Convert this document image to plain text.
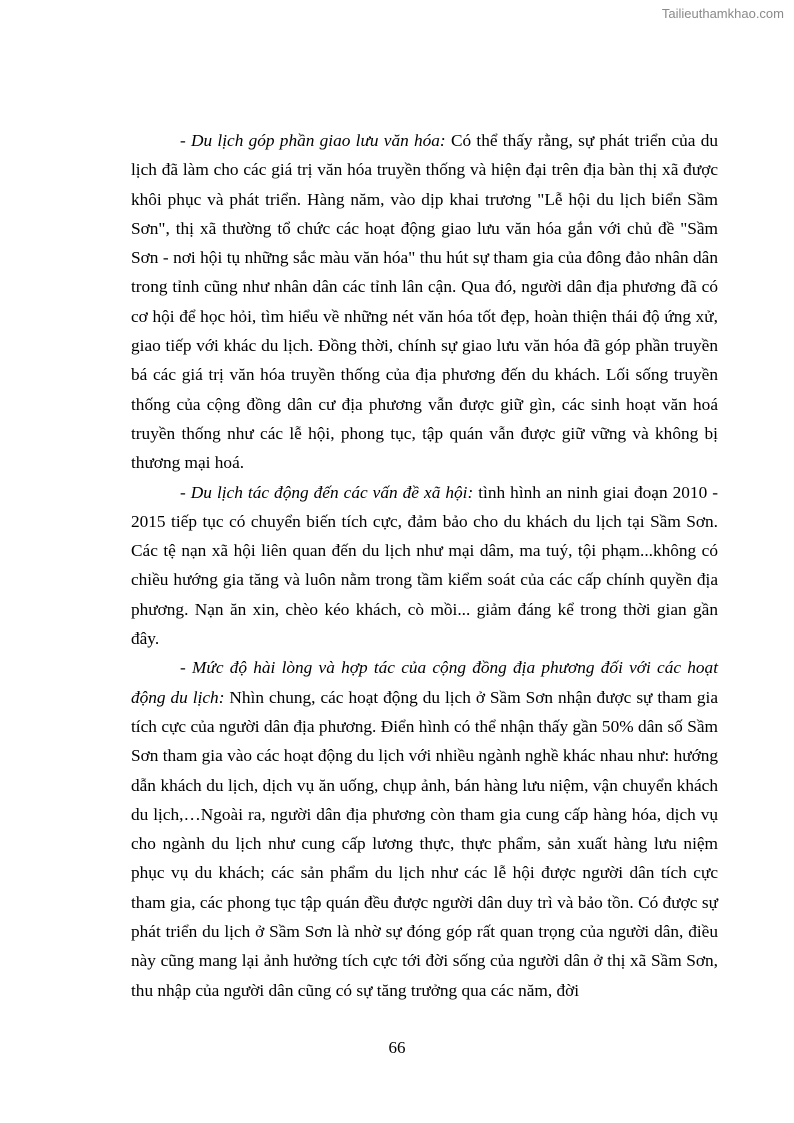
Tailieuthamkhao.com

- Du lịch góp phần giao lưu văn hóa: Có thể thấy rằng, sự phát triển của du lịch đã làm cho các giá trị văn hóa truyền thống và hiện đại trên địa bàn thị xã được khôi phục và phát triển. Hàng năm, vào dịp khai trương "Lễ hội du lịch biển Sầm Sơn", thị xã thường tổ chức các hoạt động giao lưu văn hóa gắn với chủ đề "Sầm Sơn - nơi hội tụ những sắc màu văn hóa" thu hút sự tham gia của đông đảo nhân dân trong tỉnh cũng như nhân dân các tỉnh lân cận. Qua đó, người dân địa phương đã có cơ hội để học hỏi, tìm hiểu về những nét văn hóa tốt đẹp, hoàn thiện thái độ ứng xử, giao tiếp với khác du lịch. Đồng thời, chính sự giao lưu văn hóa đã góp phần truyền bá các giá trị văn hóa truyền thống của địa phương đến du khách. Lối sống truyền thống của cộng đồng dân cư địa phương vẫn được giữ gìn, các sinh hoạt văn hoá truyền thống như các lễ hội, phong tục, tập quán vẫn được giữ vững và không bị thương mại hoá.

- Du lịch tác động đến các vấn đề xã hội: tình hình an ninh giai đoạn 2010 - 2015 tiếp tục có chuyển biến tích cực, đảm bảo cho du khách du lịch tại Sầm Sơn. Các tệ nạn xã hội liên quan đến du lịch như mại dâm, ma tuý, tội phạm...không có chiều hướng gia tăng và luôn nằm trong tầm kiểm soát của các cấp chính quyền địa phương. Nạn ăn xin, chèo kéo khách, cò mồi... giảm đáng kể trong thời gian gần đây.

- Mức độ hài lòng và hợp tác của cộng đồng địa phương đối với các hoạt động du lịch: Nhìn chung, các hoạt động du lịch ở Sầm Sơn nhận được sự tham gia tích cực của người dân địa phương. Điển hình có thể nhận thấy gần 50% dân số Sầm Sơn tham gia vào các hoạt động du lịch với nhiều ngành nghề khác nhau như: hướng dẫn khách du lịch, dịch vụ ăn uống, chụp ảnh, bán hàng lưu niệm, vận chuyển khách du lịch,…Ngoài ra, người dân địa phương còn tham gia cung cấp hàng hóa, dịch vụ cho ngành du lịch như cung cấp lương thực, thực phẩm, sản xuất hàng lưu niệm phục vụ du khách; các sản phẩm du lịch như các lễ hội được người dân tích cực tham gia, các phong tục tập quán đều được người dân duy trì và bảo tồn. Có được sự phát triển du lịch ở Sầm Sơn là nhờ sự đóng góp rất quan trọng của người dân, điều này cũng mang lại ảnh hưởng tích cực tới đời sống của người dân ở thị xã Sầm Sơn, thu nhập của người dân cũng có sự tăng trưởng qua các năm, đời

66
